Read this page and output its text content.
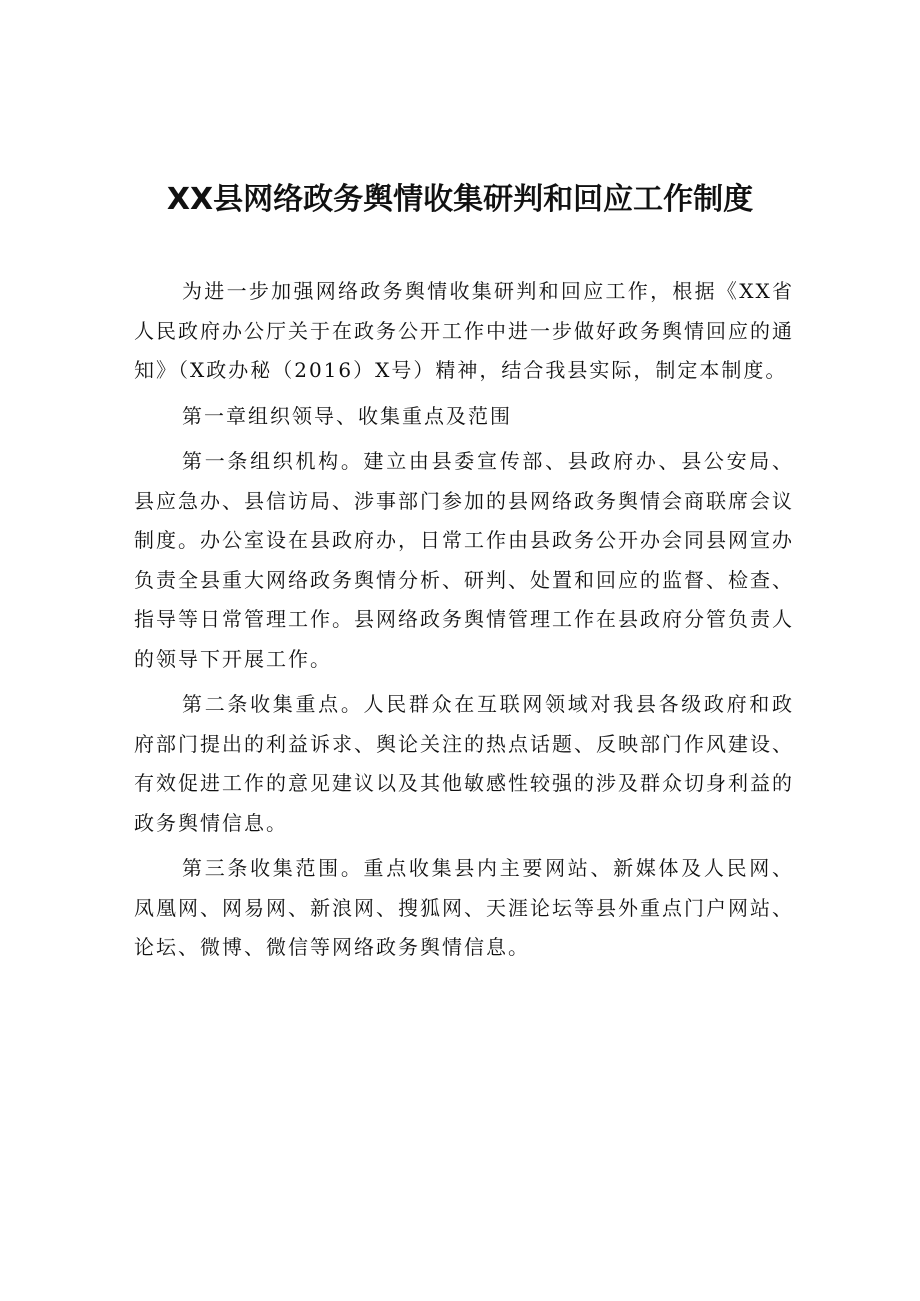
XX县网络政务舆情收集研判和回应工作制度

为进一步加强网络政务舆情收集研判和回应工作，根据《XX省人民政府办公厅关于在政务公开工作中进一步做好政务舆情回应的通知》（X政办秘（2016）X号）精神，结合我县实际，制定本制度。

第一章组织领导、收集重点及范围

第一条组织机构。建立由县委宣传部、县政府办、县公安局、县应急办、县信访局、涉事部门参加的县网络政务舆情会商联席会议制度。办公室设在县政府办，日常工作由县政务公开办会同县网宣办负责全县重大网络政务舆情分析、研判、处置和回应的监督、检查、指导等日常管理工作。县网络政务舆情管理工作在县政府分管负责人的领导下开展工作。

第二条收集重点。人民群众在互联网领域对我县各级政府和政府部门提出的利益诉求、舆论关注的热点话题、反映部门作风建设、有效促进工作的意见建议以及其他敏感性较强的涉及群众切身利益的政务舆情信息。

第三条收集范围。重点收集县内主要网站、新媒体及人民网、凤凰网、网易网、新浪网、搜狐网、天涯论坛等县外重点门户网站、论坛、微博、微信等网络政务舆情信息。
